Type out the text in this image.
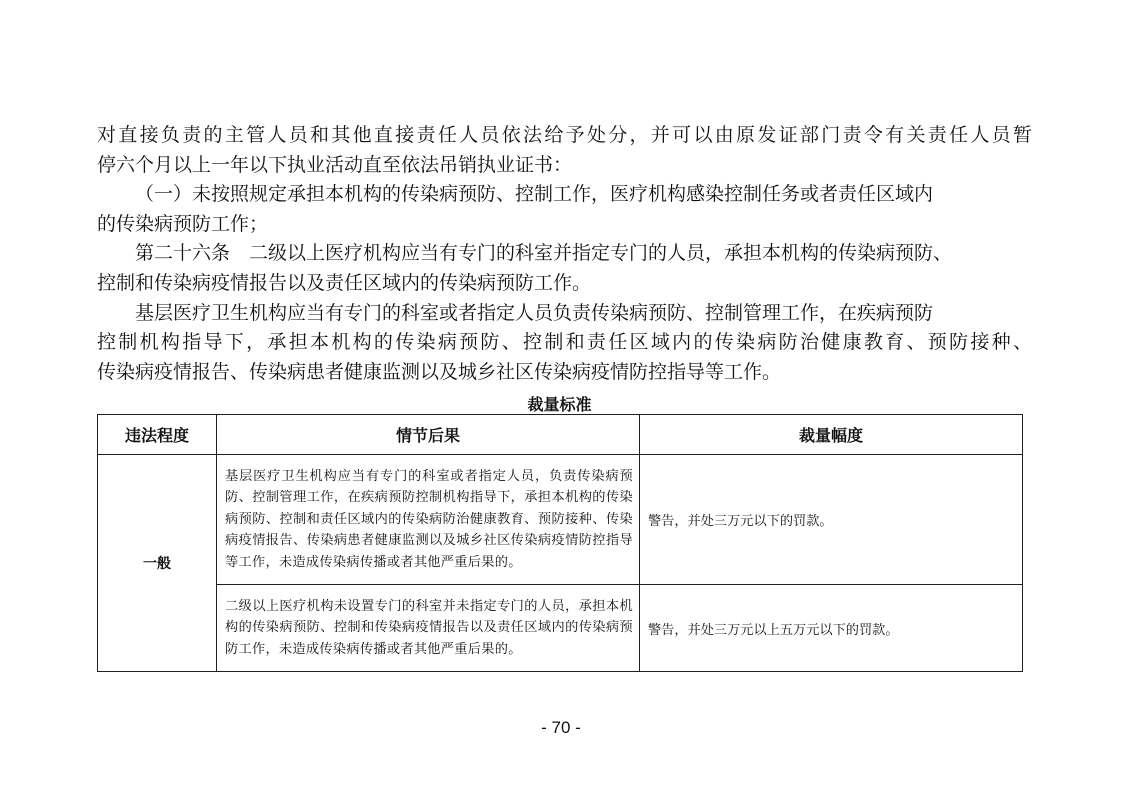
对直接负责的主管人员和其他直接责任人员依法给予处分，并可以由原发证部门责令有关责任人员暂
停六个月以上一年以下执业活动直至依法吊销执业证书：
（一）未按照规定承担本机构的传染病预防、控制工作，医疗机构感染控制任务或者责任区域内
的传染病预防工作；
第二十六条　二级以上医疗机构应当有专门的科室并指定专门的人员，承担本机构的传染病预防、
控制和传染病疫情报告以及责任区域内的传染病预防工作。
基层医疗卫生机构应当有专门的科室或者指定人员负责传染病预防、控制管理工作，在疾病预防
控制机构指导下，承担本机构的传染病预防、控制和责任区域内的传染病防治健康教育、预防接种、
传染病疫情报告、传染病患者健康监测以及城乡社区传染病疫情防控指导等工作。
裁量标准
违法程度	情节后果	裁量幅度
一般	基层医疗卫生机构应当有专门的科室或者指定人员，负责传染病预防、控制管理工作，在疾病预防控制机构指导下，承担本机构的传染病预防、控制和责任区域内的传染病防治健康教育、预防接种、传染病疫情报告、传染病患者健康监测以及城乡社区传染病疫情防控指导等工作，未造成传染病传播或者其他严重后果的。	警告，并处三万元以下的罚款。
	二级以上医疗机构未设置专门的科室并未指定专门的人员，承担本机构的传染病预防、控制和传染病疫情报告以及责任区域内的传染病预防工作，未造成传染病传播或者其他严重后果的。	警告，并处三万元以上五万元以下的罚款。
- 70 -
